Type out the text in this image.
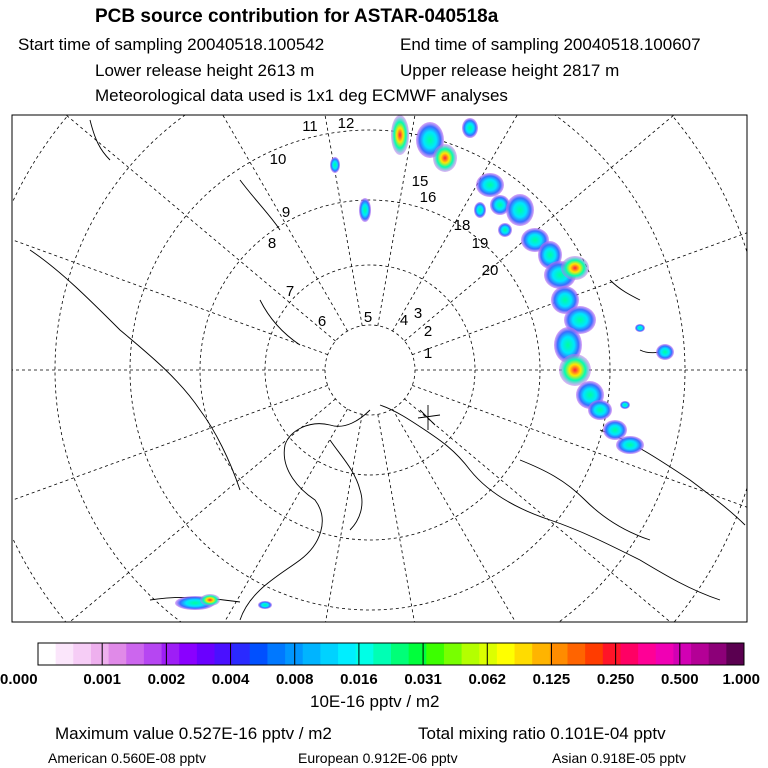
PCB source contribution for ASTAR-040518a
Start time of sampling 20040518.100542	End time of sampling 20040518.100607
Lower release height 2613 m	Upper release height 2817 m
Meteorological data used is 1x1 deg ECMWF analyses
1
2
3
4
5
6
7
8
9
10
11 12
15
16
18
19
20
0.000	0.001 0.002 0.004 0.008 0.016 0.031 0.062 0.125 0.250 0.500 1.000
10E-16 pptv / m2
Maximum value 0.527E-16 pptv / m2	Total mixing ratio 0.101E-04 pptv
American 0.560E-08 pptv	European 0.912E-06 pptv	Asian 0.918E-05 pptv
